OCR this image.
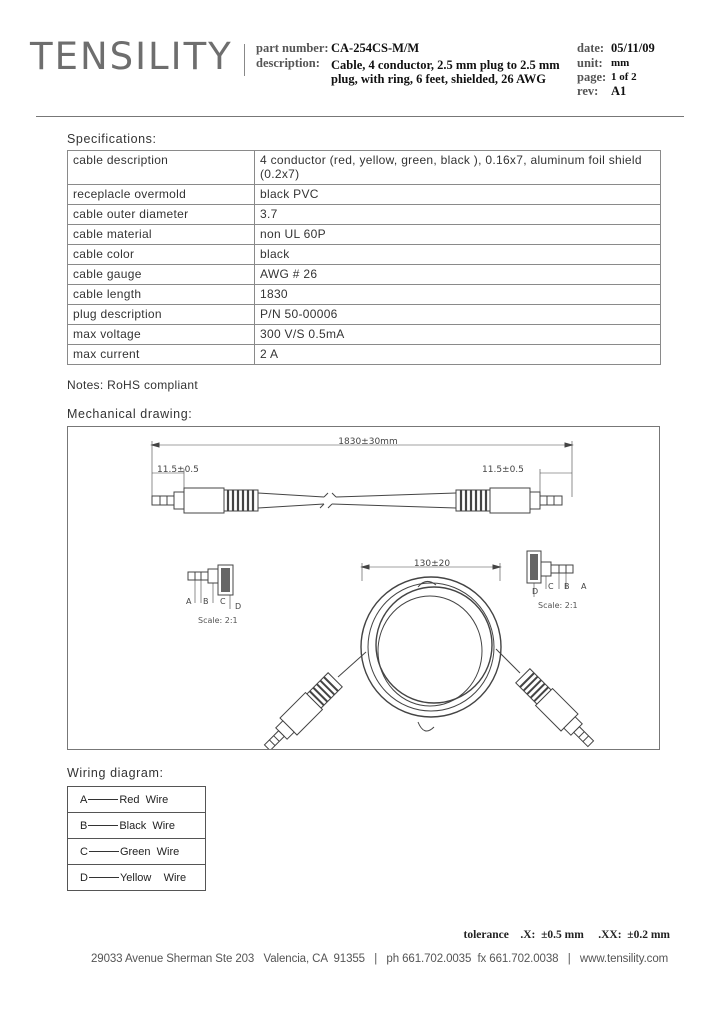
TENSILITY part number: CA-254CS-M/M
description: Cable, 4 conductor, 2.5 mm plug to 2.5 mm
plug, with ring, 6 feet, shielded, 26 AWG
date: 05/11/09
unit: mm
page: 1 of 2
rev: A1
Specifications:
cable description	4 conductor (red, yellow, green, black ), 0.16x7, aluminum foil shield (0.2x7)
receplacle overmold	black PVC
cable outer diameter	3.7
cable material	non UL 60P
cable color	black
cable gauge	AWG # 26
cable length	1830
plug description	P/N 50-00006
max voltage	300 V/S 0.5mA
max current	2 A
Notes: RoHS compliant
Mechanical drawing:
1830±30mm
11.5±0.5	11.5±0.5
130±20
A B C
D
Scale: 2:1
D
C B A
Scale: 2:1
Wiring diagram:
A	Red  Wire
B	Black  Wire
C	Green  Wire
D	Yellow    Wire
tolerance    .X:  ±0.5 mm     .XX:  ±0.2 mm
29033 Avenue Sherman Ste 203   Valencia, CA  91355   |   ph 661.702.0035  fx 661.702.0038   |   www.tensility.com
